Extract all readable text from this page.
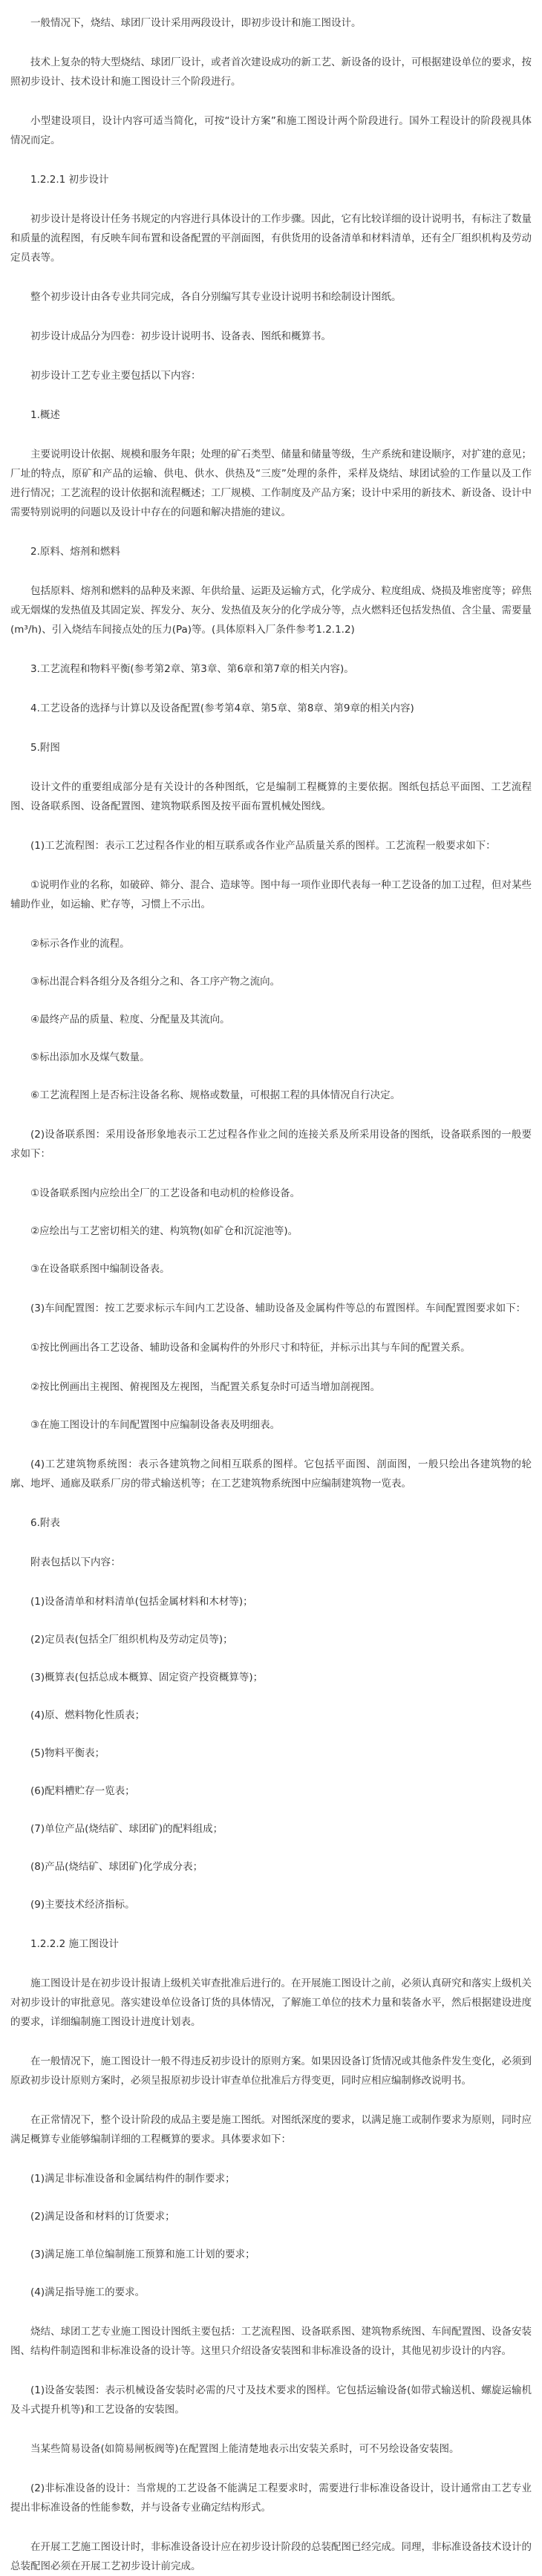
一般情况下，烧结、球团厂设计采用两段设计，即初步设计和施工图设计。

技术上复杂的特大型烧结、球团厂设计，或者首次建设成功的新工艺、新设备的设计，可根据建设单位的要求，按照初步设计、技术设计和施工图设计三个阶段进行。

小型建设项目，设计内容可适当简化，可按“设计方案”和施工图设计两个阶段进行。国外工程设计的阶段视具体情况而定。

1.2.2.1 初步设计

初步设计是将设计任务书规定的内容进行具体设计的工作步骤。因此，它有比较详细的设计说明书，有标注了数量和质量的流程图，有反映车间布置和设备配置的平剖面图，有供货用的设备清单和材料清单，还有全厂组织机构及劳动定员表等。

整个初步设计由各专业共同完成，各自分别编写其专业设计说明书和绘制设计图纸。

初步设计成品分为四卷：初步设计说明书、设备表、图纸和概算书。

初步设计工艺专业主要包括以下内容：

1.概述

主要说明设计依据、规模和服务年限；处理的矿石类型、储量和储量等级，生产系统和建设顺序，对扩建的意见；厂址的特点，原矿和产品的运输、供电、供水、供热及“三废”处理的条件，采样及烧结、球团试验的工作量以及工作进行情况；工艺流程的设计依据和流程概述；工厂规模、工作制度及产品方案；设计中采用的新技术、新设备、设计中需要特别说明的问题以及设计中存在的问题和解决措施的建议。

2.原料、熔剂和燃料

包括原料、熔剂和燃料的品种及来源、年供给量、运距及运输方式，化学成分、粒度组成、烧损及堆密度等；碎焦或无烟煤的发热值及其固定炭、挥发分、灰分、发热值及灰分的化学成分等，点火燃料还包括发热值、含尘量、需要量(m³/h)、引入烧结车间接点处的压力(Pa)等。(具体原料入厂条件参考1.2.1.2)

3.工艺流程和物料平衡(参考第2章、第3章、第6章和第7章的相关内容)。

4.工艺设备的选择与计算以及设备配置(参考第4章、第5章、第8章、第9章的相关内容)

5.附图

设计文件的重要组成部分是有关设计的各种图纸，它是编制工程概算的主要依据。图纸包括总平面图、工艺流程图、设备联系图、设备配置图、建筑物联系图及按平面布置机械处图线。

(1)工艺流程图：表示工艺过程各作业的相互联系或各作业产品质量关系的图样。工艺流程一般要求如下：

①说明作业的名称，如破碎、筛分、混合、造球等。图中每一项作业即代表每一种工艺设备的加工过程，但对某些辅助作业，如运输、贮存等，习惯上不示出。

②标示各作业的流程。

③标出混合料各组分及各组分之和、各工序产物之流向。

④最终产品的质量、粒度、分配量及其流向。

⑤标出添加水及煤气数量。

⑥工艺流程图上是否标注设备名称、规格或数量，可根据工程的具体情况自行决定。

(2)设备联系图：采用设备形象地表示工艺过程各作业之间的连接关系及所采用设备的图纸，设备联系图的一般要求如下：

①设备联系图内应绘出全厂的工艺设备和电动机的检修设备。

②应绘出与工艺密切相关的建、构筑物(如矿仓和沉淀池等)。

③在设备联系图中编制设备表。

(3)车间配置图：按工艺要求标示车间内工艺设备、辅助设备及金属构件等总的布置图样。车间配置图要求如下：

①按比例画出各工艺设备、辅助设备和金属构件的外形尺寸和特征，并标示出其与车间的配置关系。

②按比例画出主视图、俯视图及左视图，当配置关系复杂时可适当增加剖视图。

③在施工图设计的车间配置图中应编制设备表及明细表。

(4)工艺建筑物系统图：表示各建筑物之间相互联系的图样。它包括平面图、剖面图，一般只绘出各建筑物的轮廓、地坪、通廊及联系厂房的带式输送机等；在工艺建筑物系统图中应编制建筑物一览表。

6.附表

附表包括以下内容：

(1)设备清单和材料清单(包括金属材料和木材等)；

(2)定员表(包括全厂组织机构及劳动定员等)；

(3)概算表(包括总成本概算、固定资产投资概算等)；

(4)原、燃料物化性质表；

(5)物料平衡表；

(6)配料槽贮存一览表；

(7)单位产品(烧结矿、球团矿)的配料组成；

(8)产品(烧结矿、球团矿)化学成分表；

(9)主要技术经济指标。

1.2.2.2 施工图设计

施工图设计是在初步设计报请上级机关审查批准后进行的。在开展施工图设计之前，必须认真研究和落实上级机关对初步设计的审批意见。落实建设单位设备订货的具体情况，了解施工单位的技术力量和装备水平，然后根据建设进度的要求，详细编制施工图设计进度计划表。

在一般情况下，施工图设计一般不得违反初步设计的原则方案。如果因设备订货情况或其他条件发生变化，必须到原政初步设计原则方案时，必须呈报原初步设计审查单位批准后方得变更，同时应相应编制修改说明书。

在正常情况下，整个设计阶段的成品主要是施工图纸。对图纸深度的要求，以满足施工或制作要求为原则，同时应满足概算专业能够编制详细的工程概算的要求。具体要求如下：

(1)满足非标准设备和金属结构件的制作要求；

(2)满足设备和材料的订货要求；

(3)满足施工单位编制施工预算和施工计划的要求；

(4)满足指导施工的要求。

烧结、球团工艺专业施工图设计图纸主要包括：工艺流程图、设备联系图、建筑物系统图、车间配置图、设备安装图、结构件制造图和非标准设备的设计等。这里只介绍设备安装图和非标准设备的设计，其他见初步设计的内容。

(1)设备安装图：表示机械设备安装时必需的尺寸及技术要求的图样。它包括运输设备(如带式输送机、螺旋运输机及斗式提升机等)和工艺设备的安装图。

当某些简易设备(如简易闸板阀等)在配置图上能清楚地表示出安装关系时，可不另绘设备安装图。

(2)非标准设备的设计：当常规的工艺设备不能满足工程要求时，需要进行非标准设备设计，设计通常由工艺专业提出非标准设备的性能参数，并与设备专业确定结构形式。

在开展工艺施工图设计时，非标准设备设计应在初步设计阶段的总装配图已经完成。同理，非标准设备技术设计的总装配图必须在开展工艺初步设计前完成。
